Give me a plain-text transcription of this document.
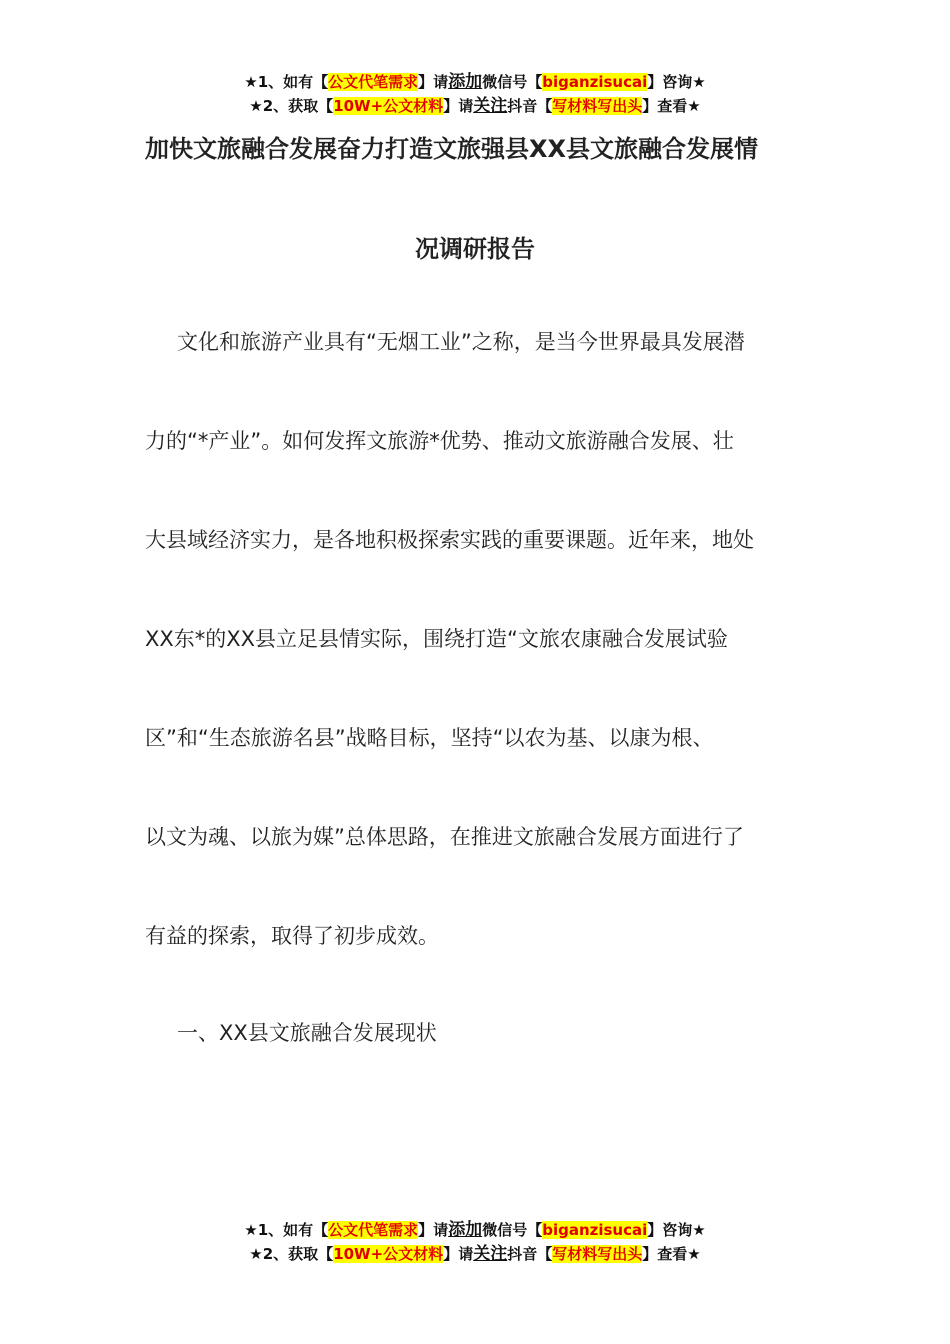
★1、如有【公文代笔需求】请添加微信号【biganzisucai】咨询★
★2、获取【10W+公文材料】请关注抖音【写材料写出头】查看★
加快文旅融合发展奋力打造文旅强县XX县文旅融合发展情
况调研报告
文化和旅游产业具有“无烟工业”之称，是当今世界最具发展潜
力的“*产业”。如何发挥文旅游*优势、推动文旅游融合发展、壮
大县域经济实力，是各地积极探索实践的重要课题。近年来，地处
XX东*的XX县立足县情实际，围绕打造“文旅农康融合发展试验
区”和“生态旅游名县”战略目标，坚持“以农为基、以康为根、
以文为魂、以旅为媒”总体思路，在推进文旅融合发展方面进行了
有益的探索，取得了初步成效。
一、XX县文旅融合发展现状
★1、如有【公文代笔需求】请添加微信号【biganzisucai】咨询★
★2、获取【10W+公文材料】请关注抖音【写材料写出头】查看★
